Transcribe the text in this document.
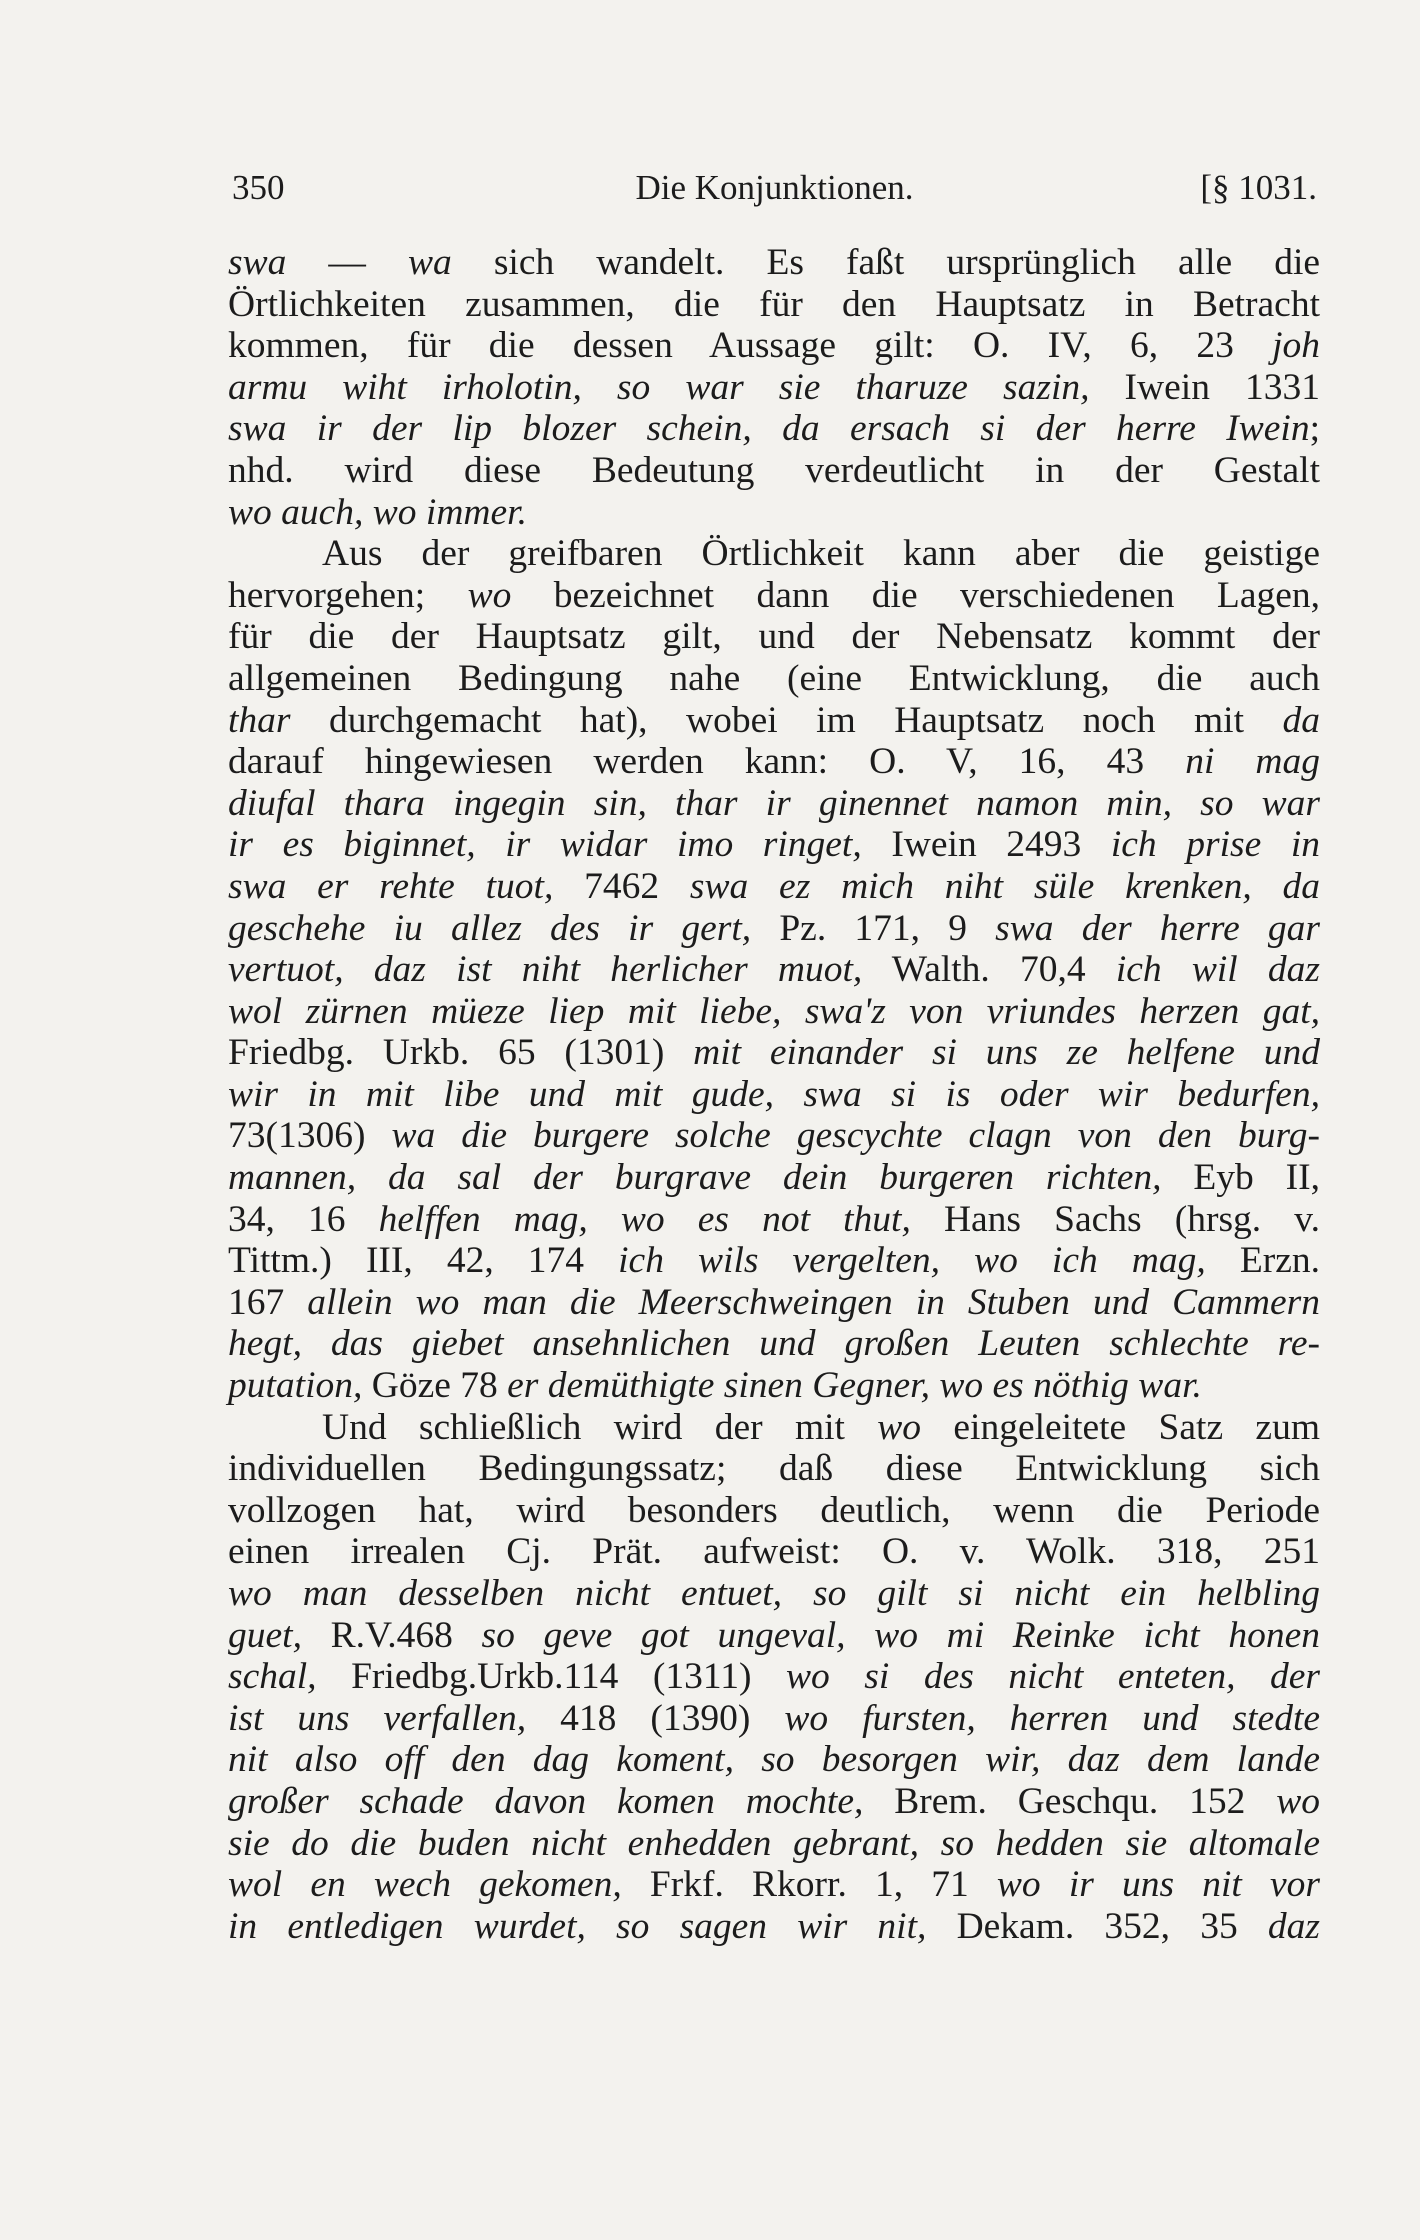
350	Die Konjunktionen.	[§ 1031.
swa — wa sich wandelt. Es faßt ursprünglich alle die
Örtlichkeiten zusammen, die für den Hauptsatz in Betracht
kommen, für die dessen Aussage gilt: O. IV, 6, 23 joh
armu wiht irholotin, so war sie tharuze sazin, Iwein 1331
swa ir der lip blozer schein, da ersach si der herre Iwein;
nhd. wird diese Bedeutung verdeutlicht in der Gestalt
wo auch, wo immer.
Aus der greifbaren Örtlichkeit kann aber die geistige
hervorgehen; wo bezeichnet dann die verschiedenen Lagen,
für die der Hauptsatz gilt, und der Nebensatz kommt der
allgemeinen Bedingung nahe (eine Entwicklung, die auch
thar durchgemacht hat), wobei im Hauptsatz noch mit da
darauf hingewiesen werden kann: O. V, 16, 43 ni mag
diufal thara ingegin sin, thar ir ginennet namon min, so war
ir es biginnet, ir widar imo ringet, Iwein 2493 ich prise in
swa er rehte tuot, 7462 swa ez mich niht süle krenken, da
geschehe iu allez des ir gert, Pz. 171, 9 swa der herre gar
vertuot, daz ist niht herlicher muot, Walth. 70,4 ich wil daz
wol zürnen müeze liep mit liebe, swa'z von vriundes herzen gat,
Friedbg. Urkb. 65 (1301) mit einander si uns ze helfene und
wir in mit libe und mit gude, swa si is oder wir bedurfen,
73(1306) wa die burgere solche gescychte clagn von den burg-
mannen, da sal der burgrave dein burgeren richten, Eyb II,
34, 16 helffen mag, wo es not thut, Hans Sachs (hrsg. v.
Tittm.) III, 42, 174 ich wils vergelten, wo ich mag, Erzn.
167 allein wo man die Meerschweingen in Stuben und Cammern
hegt, das giebet ansehnlichen und großen Leuten schlechte re-
putation, Göze 78 er demüthigte sinen Gegner, wo es nöthig war.
Und schließlich wird der mit wo eingeleitete Satz zum
individuellen Bedingungssatz; daß diese Entwicklung sich
vollzogen hat, wird besonders deutlich, wenn die Periode
einen irrealen Cj. Prät. aufweist: O. v. Wolk. 318, 251
wo man desselben nicht entuet, so gilt si nicht ein helbling
guet, R.V.468 so geve got ungeval, wo mi Reinke icht honen
schal, Friedbg.Urkb.114 (1311) wo si des nicht enteten, der
ist uns verfallen, 418 (1390) wo fursten, herren und stedte
nit also off den dag koment, so besorgen wir, daz dem lande
großer schade davon komen mochte, Brem. Geschqu. 152 wo
sie do die buden nicht enhedden gebrant, so hedden sie altomale
wol en wech gekomen, Frkf. Rkorr. 1, 71 wo ir uns nit vor
in entledigen wurdet, so sagen wir nit, Dekam. 352, 35 daz
